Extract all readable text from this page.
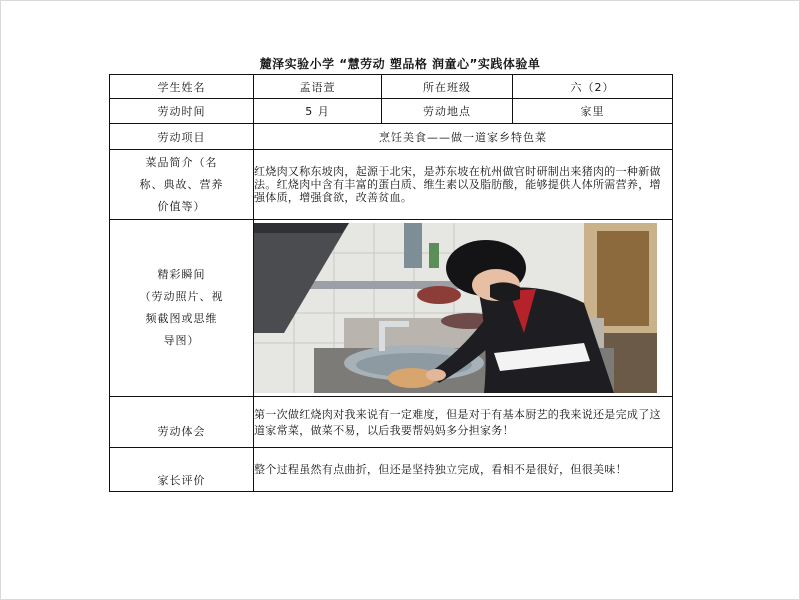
麓泽实验小学 “慧劳动 塑品格 润童心”实践体验单
学生姓名	孟语萱	所在班级	六（2）
劳动时间	5 月	劳动地点	家里
劳动项目	烹饪美食——做一道家乡特色菜		

菜品简介（名
称、典故、营养
价值等）	红烧肉又称东坡肉，起源于北宋，是苏东坡在杭州做官时研制出来猪肉的一种新做法。红烧肉中含有丰富的蛋白质、维生素以及脂肪酸，能够提供人体所需营养，增强体质，增强食欲，改善贫血。		

精彩瞬间
（劳动照片、视
频截图或思维
导图）

劳动体会	第一次做红烧肉对我来说有一定难度，但是对于有基本厨艺的我来说还是完成了这道家常菜，做菜不易，以后我要帮妈妈多分担家务！		
家长评价	整个过程虽然有点曲折，但还是坚持独立完成，看相不是很好，但很美味！		
